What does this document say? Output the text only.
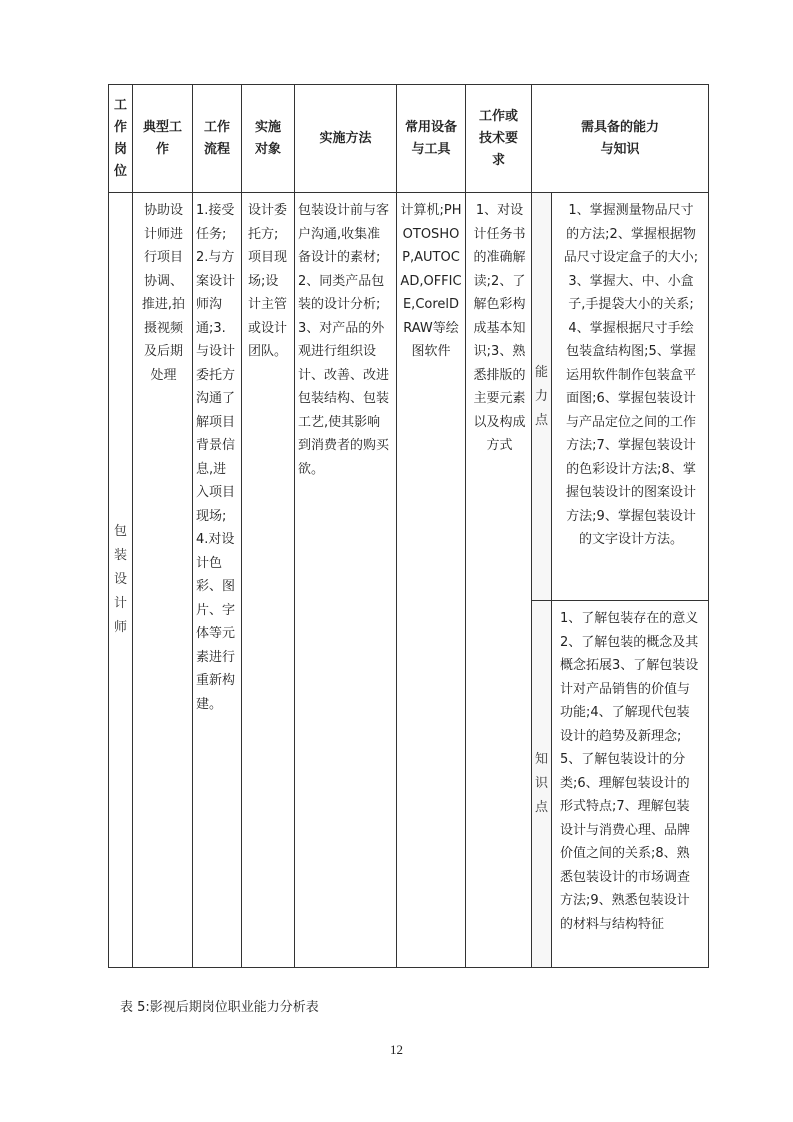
工作岗位	典型工作	工作流程	实施对象	实施方法	常用设备与工具	工作或技术要求	需具备的能力与知识	
包装设计师	协助设计师进行项目协调、推进,拍摄视频及后期处理	1.接受任务;2.与方案设计师沟通;3.与设计委托方沟通了解项目背景信息,进入项目现场;4.对设计色彩、图片、字体等元素进行重新构建。	设计委托方;项目现场;设计主管或设计团队。	包装设计前与客户沟通,收集准备设计的素材;2、同类产品包装的设计分析;3、对产品的外观进行组织设计、改善、改进包装结构、包装工艺,使其影响到消费者的购买欲。	计算机;PHOTOSHOP,AUTOCAD,OFFICE,CorelDRAW等绘图软件	1、对设计任务书的准确解读;2、了解色彩构成基本知识;3、熟悉排版的主要元素以及构成方式	能力点	1、掌握测量物品尺寸的方法;2、掌握根据物品尺寸设定盒子的大小;3、掌握大、中、小盒子,手提袋大小的关系;4、掌握根据尺寸手绘包装盒结构图;5、掌握运用软件制作包装盒平面图;6、掌握包装设计与产品定位之间的工作方法;7、掌握包装设计的色彩设计方法;8、掌握包装设计的图案设计方法;9、掌握包装设计的文字设计方法。

							知识点	1、了解包装存在的意义2、了解包装的概念及其概念拓展3、了解包装设计对产品销售的价值与功能;4、了解现代包装设计的趋势及新理念;5、了解包装设计的分类;6、理解包装设计的形式特点;7、理解包装设计与消费心理、品牌价值之间的关系;8、熟悉包装设计的市场调查方法;9、熟悉包装设计的材料与结构特征
表 5:影视后期岗位职业能力分析表
12
